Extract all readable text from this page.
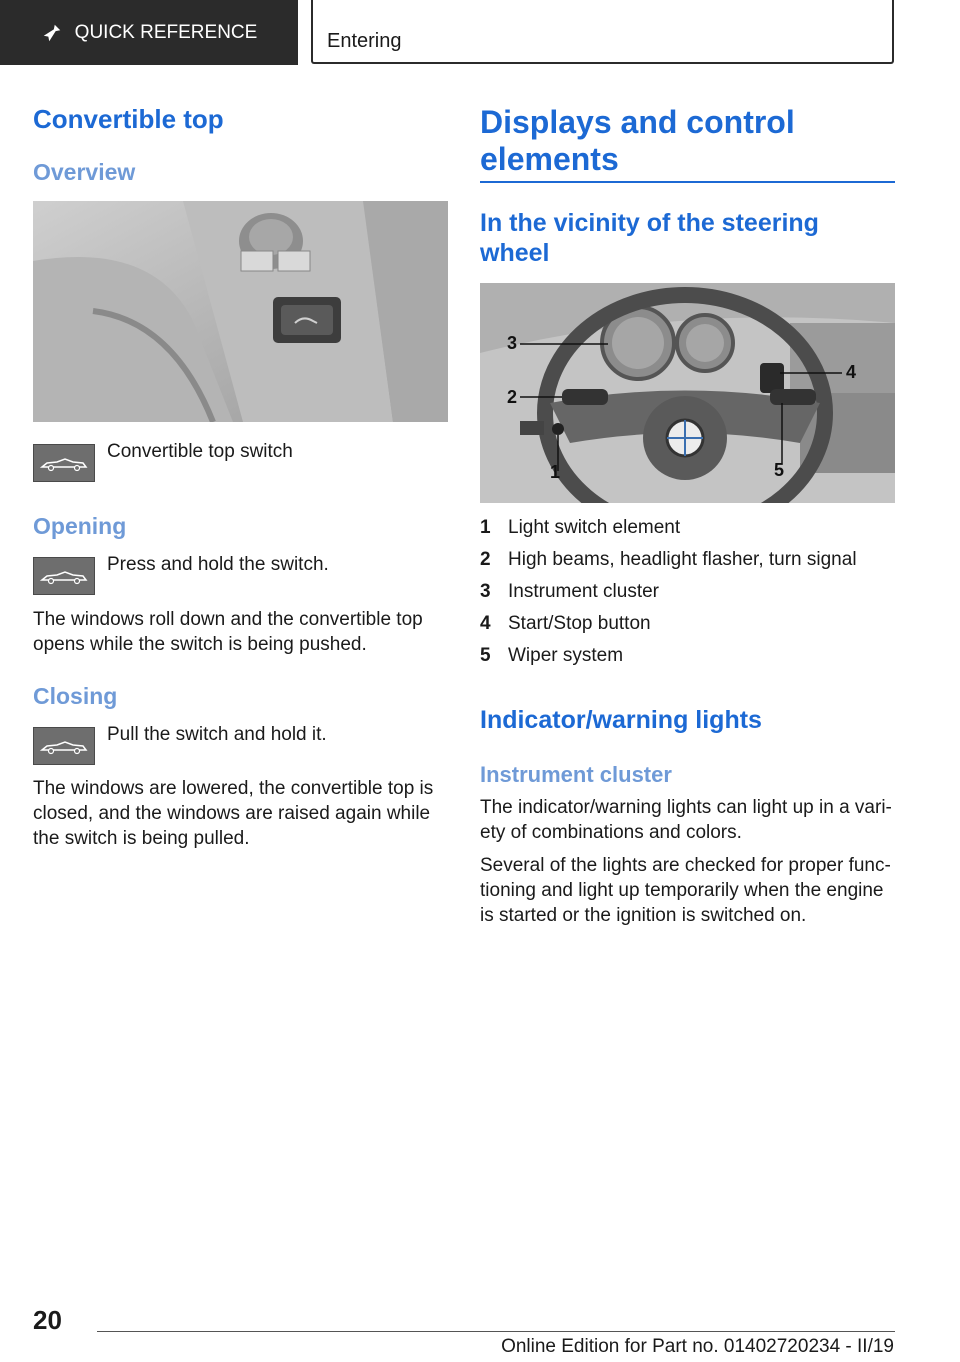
QUICK REFERENCE	Entering
Convertible top
Overview

Convertible top switch

Opening

Press and hold the switch.

The windows roll down and the convertible top opens while the switch is being pushed.

Closing

Pull the switch and hold it.

The windows are lowered, the convertible top is closed, and the windows are raised again while the switch is being pulled.

Displays and control
elements
In the vicinity of the steering
wheel
3
2
4
1	5
1 Light switch element
2 High beams, headlight flasher, turn signal
3 Instrument cluster
4 Start/Stop button
5 Wiper system
Indicator/warning lights
Instrument cluster

The indicator/warning lights can light up in a vari-

ety of combinations and colors.

Several of the lights are checked for proper func-

tioning and light up temporarily when the engine

is started or the ignition is switched on.

20
Online Edition for Part no. 01402720234 - II/19
